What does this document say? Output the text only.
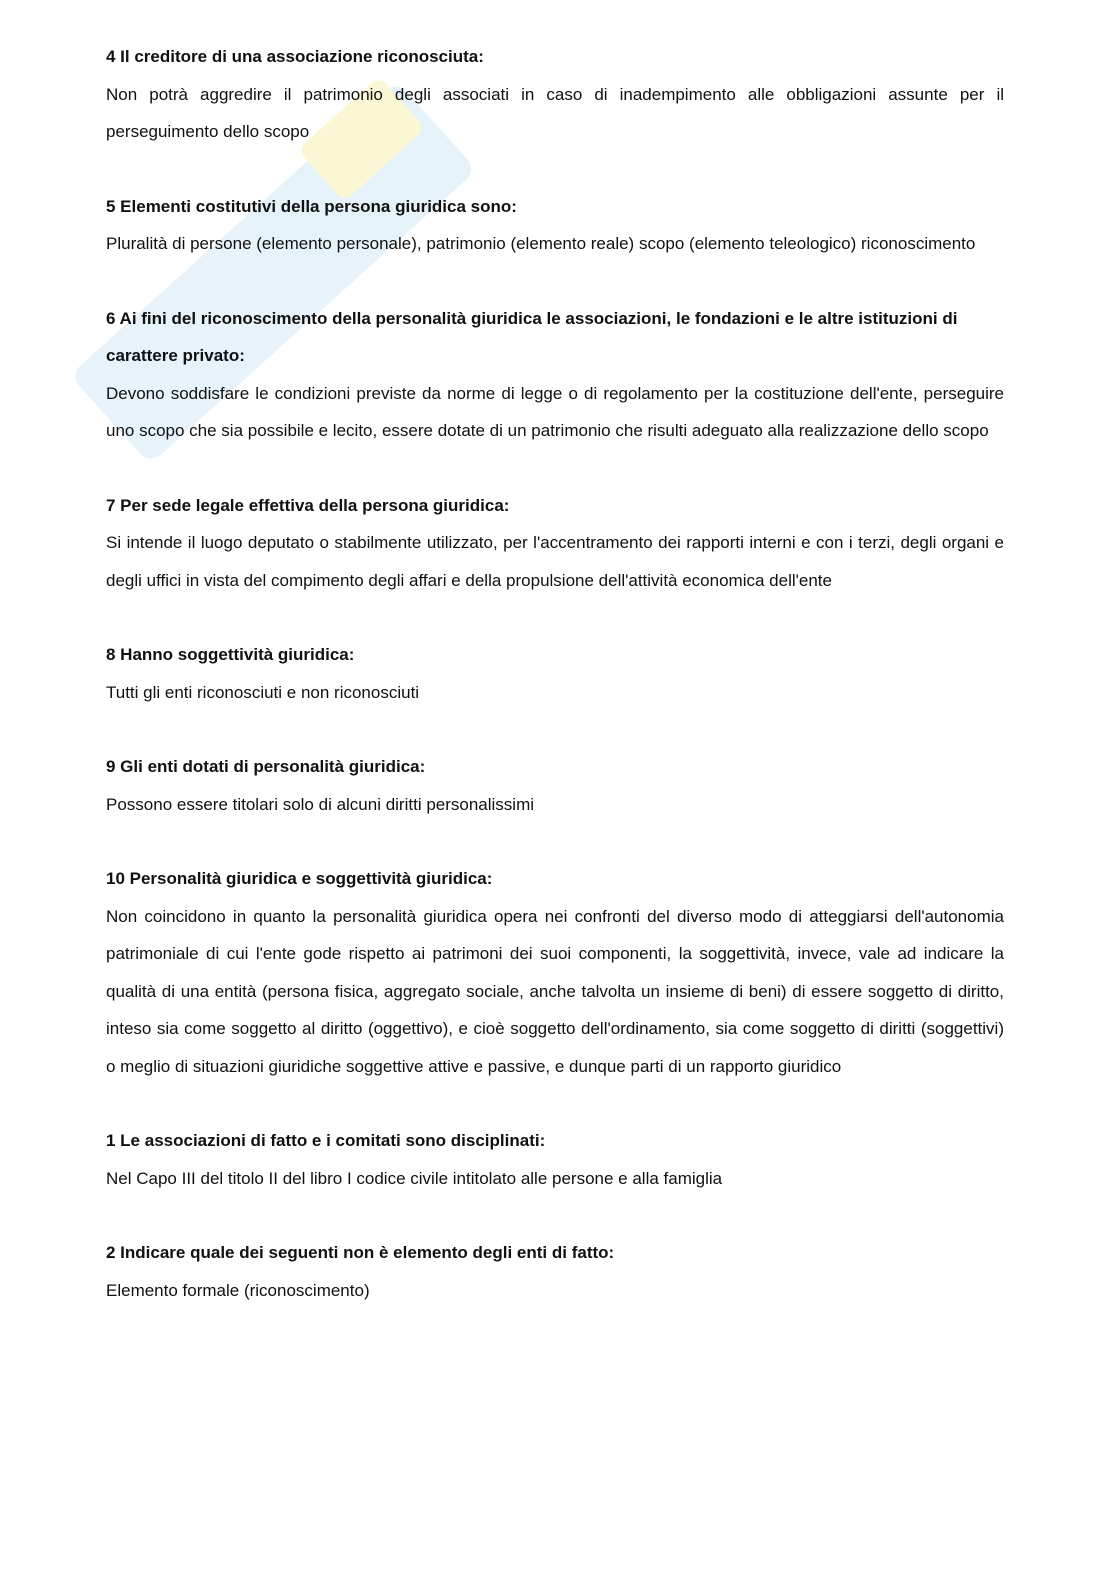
4 Il creditore di una associazione riconosciuta:

Non potrà aggredire il patrimonio degli associati in caso di inadempimento alle obbligazioni assunte per il perseguimento dello scopo

5 Elementi costitutivi della persona giuridica sono:

Pluralità di persone (elemento personale), patrimonio (elemento reale) scopo (elemento teleologico) riconoscimento

6 Ai fini del riconoscimento della personalità giuridica le associazioni, le fondazioni e le altre istituzioni di carattere privato:

Devono soddisfare le condizioni previste da norme di legge o di regolamento per la costituzione dell'ente, perseguire uno scopo che sia possibile e lecito, essere dotate di un patrimonio che risulti adeguato alla realizzazione dello scopo

7 Per sede legale effettiva della persona giuridica:

Si intende il luogo deputato o stabilmente utilizzato, per l'accentramento dei rapporti interni e con i terzi, degli organi e degli uffici in vista del compimento degli affari e della propulsione dell'attività economica dell'ente

8 Hanno soggettività giuridica:

Tutti gli enti riconosciuti e non riconosciuti

9 Gli enti dotati di personalità giuridica:

Possono essere titolari solo di alcuni diritti personalissimi

10 Personalità giuridica e soggettività giuridica:

Non coincidono in quanto la personalità giuridica opera nei confronti del diverso modo di atteggiarsi dell'autonomia patrimoniale di cui l'ente gode rispetto ai patrimoni dei suoi componenti, la soggettività, invece, vale ad indicare la qualità di una entità (persona fisica, aggregato sociale, anche talvolta un insieme di beni) di essere soggetto di diritto, inteso sia come soggetto al diritto (oggettivo), e cioè soggetto dell'ordinamento, sia come soggetto di diritti (soggettivi) o meglio di situazioni giuridiche soggettive attive e passive, e dunque parti di un rapporto giuridico

1 Le associazioni di fatto e i comitati sono disciplinati:

Nel Capo III del titolo II del libro I codice civile intitolato alle persone e alla famiglia

2 Indicare quale dei seguenti non è elemento degli enti di fatto:

Elemento formale (riconoscimento)
